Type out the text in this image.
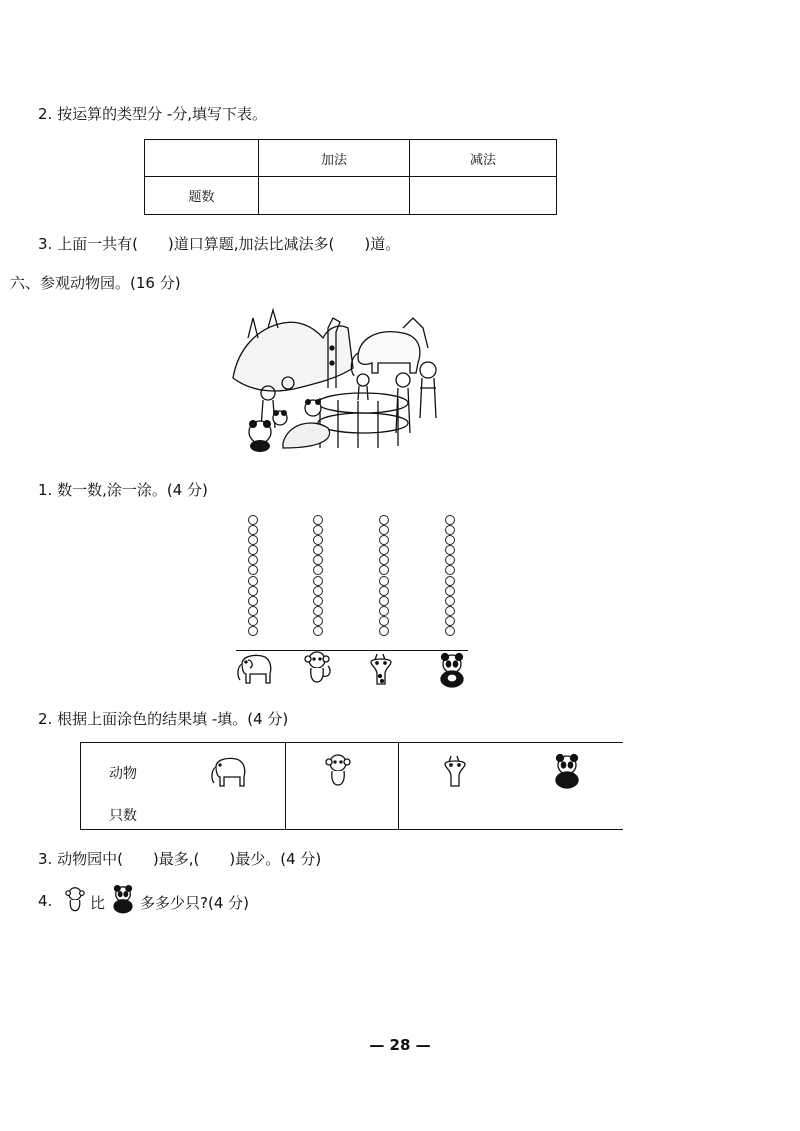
2. 按运算的类型分 -分,填写下表。
	加法	减法
题数		
3. 上面一共有(　　)道口算题,加法比减法多(　　)道。
六、参观动物园。(16 分)
1. 数一数,涂一涂。(4 分)
2. 根据上面涂色的结果填 -填。(4 分)
动物
只数
3. 动物园中(　　)最多,(　　)最少。(4 分)
4.	比 多多少只?(4 分)
— 28 —
